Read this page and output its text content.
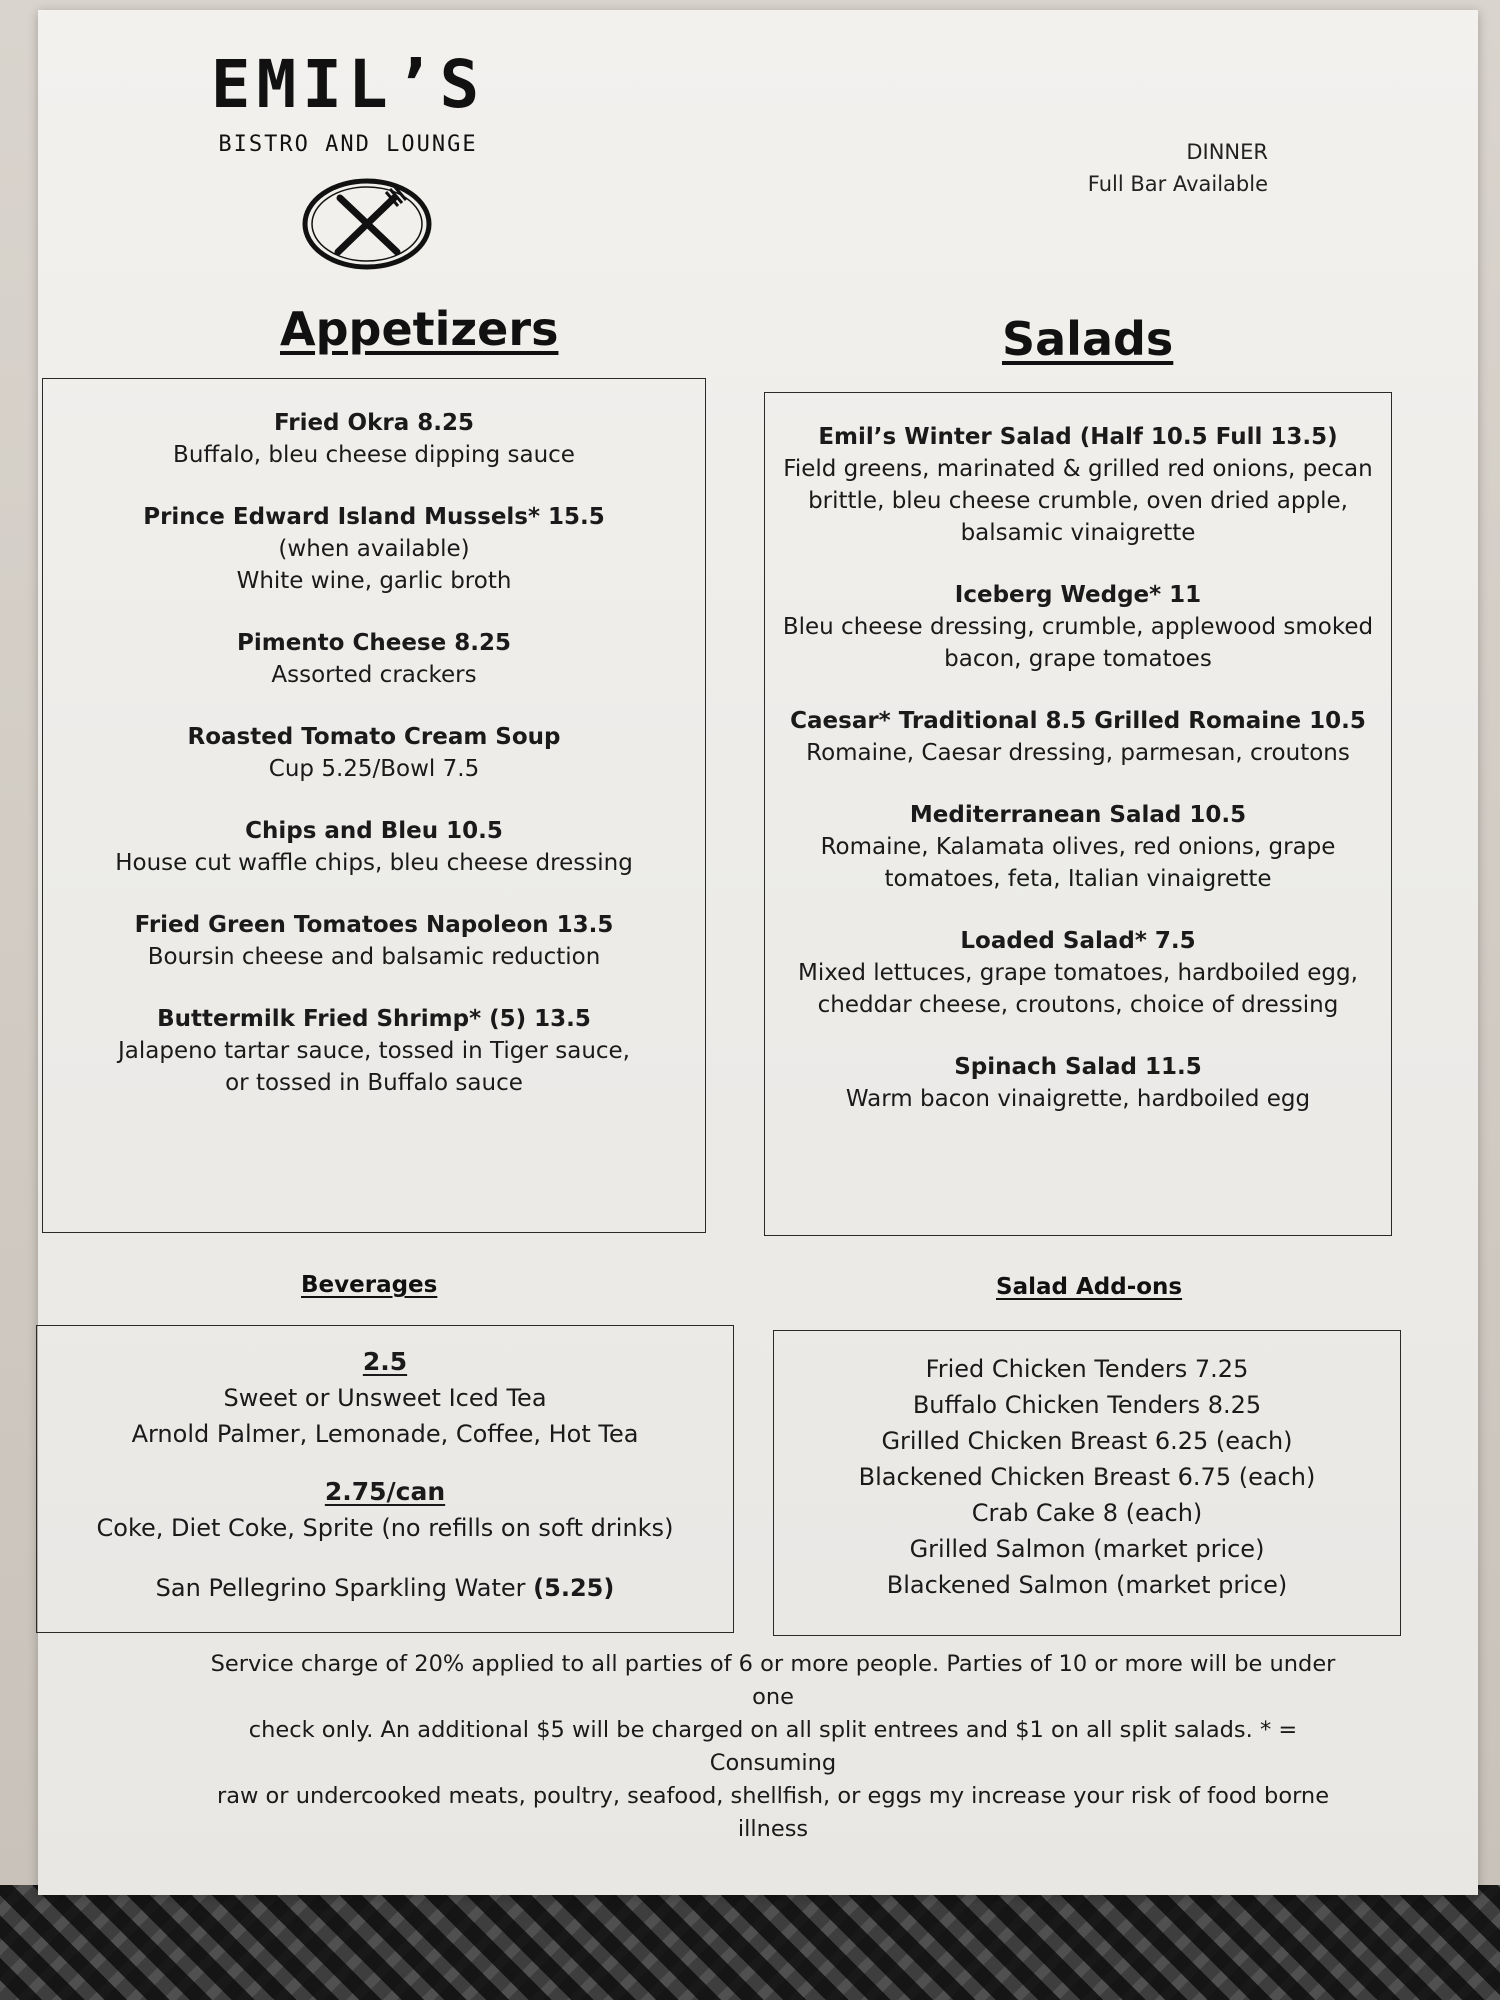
EMIL’S
BISTRO AND LOUNGE	DINNER
Full Bar Available
Appetizers
Fried Okra 8.25
Buffalo, bleu cheese dipping sauce
Prince Edward Island Mussels* 15.5
(when available)
White wine, garlic broth
Pimento Cheese 8.25
Assorted crackers
Roasted Tomato Cream Soup
Cup 5.25/Bowl 7.5
Chips and Bleu 10.5
House cut waffle chips, bleu cheese dressing
Fried Green Tomatoes Napoleon 13.5
Boursin cheese and balsamic reduction
Buttermilk Fried Shrimp* (5) 13.5
Jalapeno tartar sauce, tossed in Tiger sauce,
or tossed in Buffalo sauce
Salads
Emil’s Winter Salad (Half 10.5 Full 13.5)
Field greens, marinated & grilled red onions, pecan
brittle, bleu cheese crumble, oven dried apple,
balsamic vinaigrette
Iceberg Wedge* 11
Bleu cheese dressing, crumble, applewood smoked
bacon, grape tomatoes
Caesar* Traditional 8.5 Grilled Romaine 10.5
Romaine, Caesar dressing, parmesan, croutons
Mediterranean Salad 10.5
Romaine, Kalamata olives, red onions, grape
tomatoes, feta, Italian vinaigrette
Loaded Salad* 7.5
Mixed lettuces, grape tomatoes, hardboiled egg,
cheddar cheese, croutons, choice of dressing
Spinach Salad 11.5
Warm bacon vinaigrette, hardboiled egg
Beverages
2.5
Sweet or Unsweet Iced Tea
Arnold Palmer, Lemonade, Coffee, Hot Tea
2.75/can
Coke, Diet Coke, Sprite (no refills on soft drinks)
San Pellegrino Sparkling Water (5.25)
Salad Add-ons
Fried Chicken Tenders 7.25
Buffalo Chicken Tenders 8.25
Grilled Chicken Breast 6.25 (each)
Blackened Chicken Breast 6.75 (each)
Crab Cake 8 (each)
Grilled Salmon (market price)
Blackened Salmon (market price)
Service charge of 20% applied to all parties of 6 or more people. Parties of 10 or more will be under one
check only. An additional $5 will be charged on all split entrees and $1 on all split salads. * = Consuming
raw or undercooked meats, poultry, seafood, shellfish, or eggs my increase your risk of food borne
illness
